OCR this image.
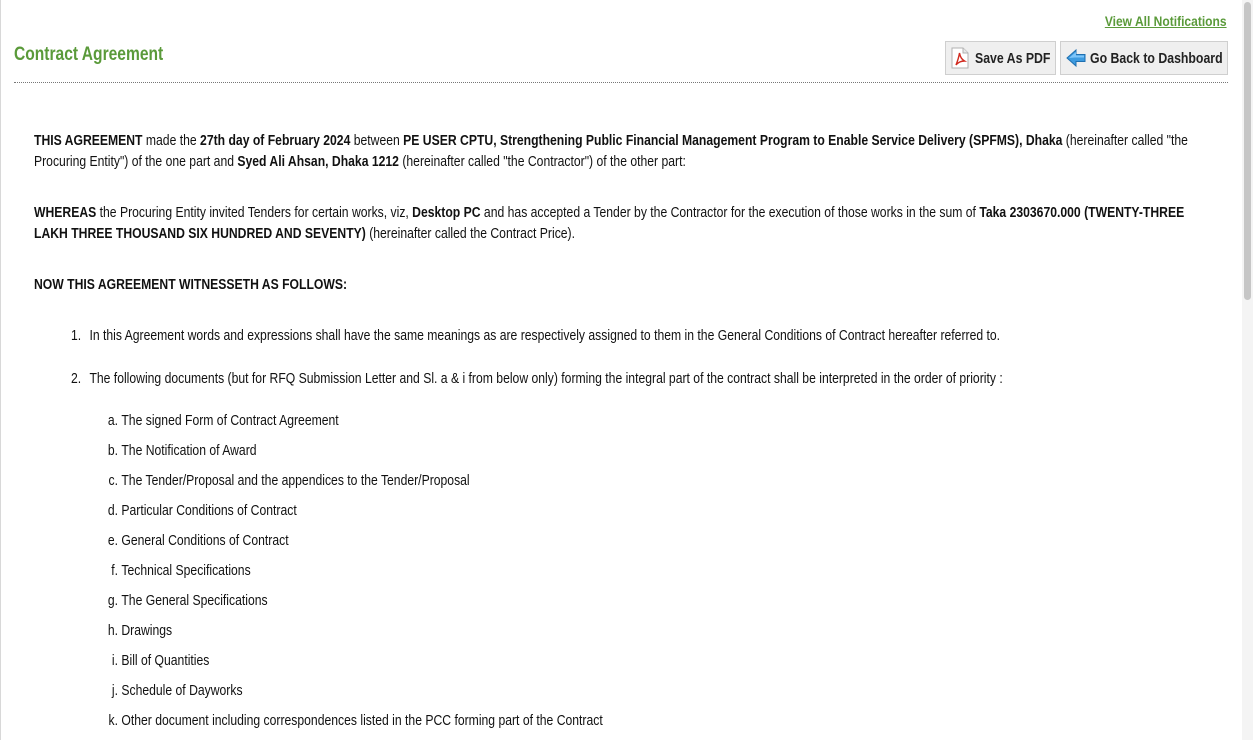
View All Notifications
Contract Agreement	Save As PDF	Go Back to Dashboard

THIS AGREEMENT made the 27th day of February 2024 between PE USER CPTU, Strengthening Public Financial Management Program to Enable Service Delivery (SPFMS), Dhaka (hereinafter called "the Procuring Entity") of the one part and Syed Ali Ahsan, Dhaka 1212 (hereinafter called "the Contractor") of the other part:

WHEREAS the Procuring Entity invited Tenders for certain works, viz, Desktop PC and has accepted a Tender by the Contractor for the execution of those works in the sum of Taka 2303670.000 (TWENTY-THREE LAKH THREE THOUSAND SIX HUNDRED AND SEVENTY) (hereinafter called the Contract Price).

NOW THIS AGREEMENT WITNESSETH AS FOLLOWS:

1. In this Agreement words and expressions shall have the same meanings as are respectively assigned to them in the General Conditions of Contract hereafter referred to.
2. The following documents (but for RFQ Submission Letter and Sl. a & i from below only) forming the integral part of the contract shall be interpreted in the order of priority :
a. The signed Form of Contract Agreement
b. The Notification of Award
c. The Tender/Proposal and the appendices to the Tender/Proposal
d. Particular Conditions of Contract
e. General Conditions of Contract
f. Technical Specifications
g. The General Specifications
h. Drawings
i. Bill of Quantities
j. Schedule of Dayworks
k. Other document including correspondences listed in the PCC forming part of the Contract
